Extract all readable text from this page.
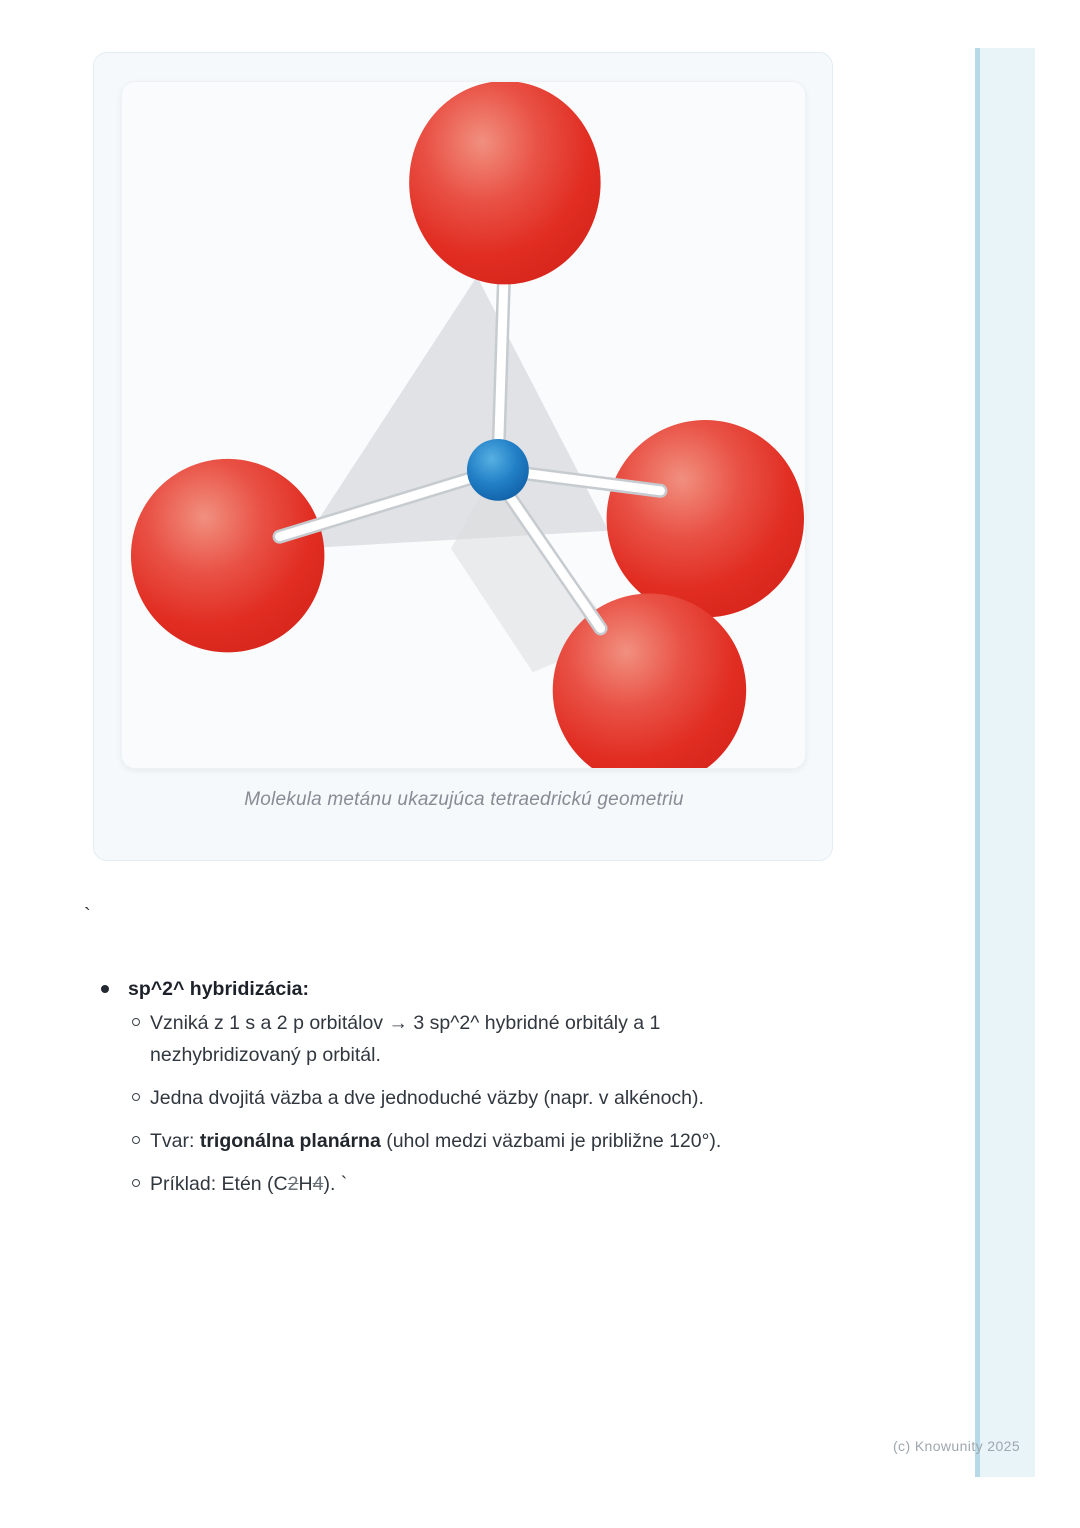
Molekula metánu ukazujúca tetraedrickú geometriu

`
sp^2^ hybridizácia:
Vzniká z 1 s a 2 p orbitálov → 3 sp^2^ hybridné orbitály a 1
nezhybridizovaný p orbitál.
Jedna dvojitá väzba a dve jednoduché väzby (napr. v alkénoch).
Tvar: trigonálna planárna (uhol medzi väzbami je približne 120°).
Príklad: Etén (C2H4). `
(c) Knowunity 2025
